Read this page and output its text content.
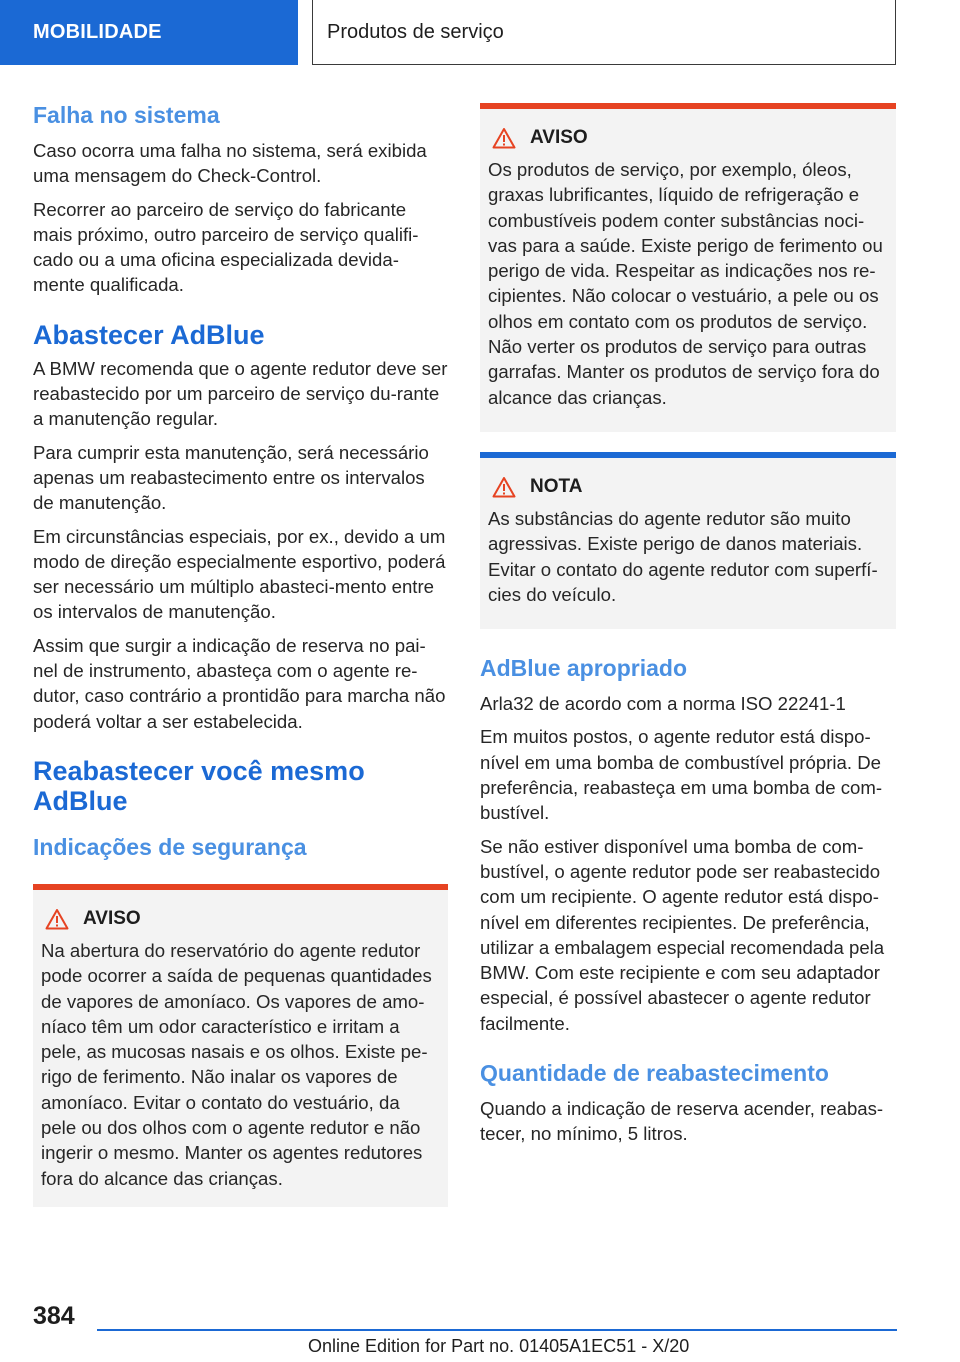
MOBILIDADE	Produtos de serviço
Falha no sistema

Caso ocorra uma falha no sistema, será exibida uma mensagem do Check-Control.

Recorrer ao parceiro de serviço do fabricante mais próximo, outro parceiro de serviço qualifi-cado ou a uma oficina especializada devida-mente qualificada.

Abastecer AdBlue

A BMW recomenda que o agente redutor deve ser reabastecido por um parceiro de serviço du-rante a manutenção regular.

Para cumprir esta manutenção, será necessário apenas um reabastecimento entre os intervalos de manutenção.

Em circunstâncias especiais, por ex., devido a um modo de direção especialmente esportivo, poderá ser necessário um múltiplo abasteci-mento entre os intervalos de manutenção.

Assim que surgir a indicação de reserva no pai-nel de instrumento, abasteça com o agente re-dutor, caso contrário a prontidão para marcha não poderá voltar a ser estabelecida.

Reabastecer você mesmo AdBlue
Indicações de segurança
AVISO

Na abertura do reservatório do agente redutor pode ocorrer a saída de pequenas quantidades de vapores de amoníaco. Os vapores de amo-níaco têm um odor característico e irritam a pele, as mucosas nasais e os olhos. Existe pe-rigo de ferimento. Não inalar os vapores de amoníaco. Evitar o contato do vestuário, da pele ou dos olhos com o agente redutor e não ingerir o mesmo. Manter os agentes redutores fora do alcance das crianças.

AVISO

Os produtos de serviço, por exemplo, óleos, graxas lubrificantes, líquido de refrigeração e combustíveis podem conter substâncias noci-vas para a saúde. Existe perigo de ferimento ou perigo de vida. Respeitar as indicações nos re-cipientes. Não colocar o vestuário, a pele ou os olhos em contato com os produtos de serviço. Não verter os produtos de serviço para outras garrafas. Manter os produtos de serviço fora do alcance das crianças.

NOTA

As substâncias do agente redutor são muito agressivas. Existe perigo de danos materiais. Evitar o contato do agente redutor com superfí-cies do veículo.

AdBlue apropriado

Arla32 de acordo com a norma ISO 22241-1

Em muitos postos, o agente redutor está dispo-nível em uma bomba de combustível própria. De preferência, reabasteça em uma bomba de com-bustível.

Se não estiver disponível uma bomba de com-bustível, o agente redutor pode ser reabastecido com um recipiente. O agente redutor está dispo-nível em diferentes recipientes. De preferência, utilizar a embalagem especial recomendada pela BMW. Com este recipiente e com seu adaptador especial, é possível abastecer o agente redutor facilmente.

Quantidade de reabastecimento

Quando a indicação de reserva acender, reabas-tecer, no mínimo, 5 litros.

384
Online Edition for Part no. 01405A1EC51 - X/20
